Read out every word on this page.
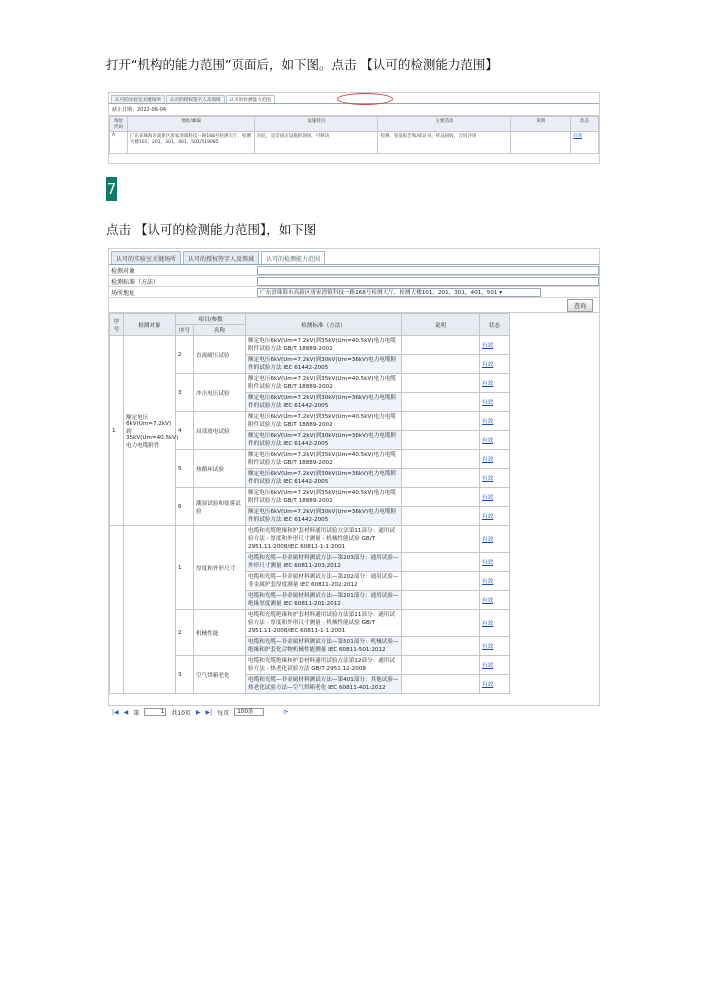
打开“机构的能力范围”页面后，如下图。点击 【认可的检测能力范围】
认可的实验室关键场所	认可的授权签字人及领域	认可的检测能力范围
截止日期：2022-06-04
场址代码	地址/邮编	设施特点	主要活动	说明	状态
A	广东省珠海市高新区唐家湾镇科技一路168号检测大厅，检测大楼101，201，301，401，501/519085	固定，是非固定设施的现场，可移动	检测，签发报告和/或证书，样品接收，合同评审		有效
7
点击 【认可的检测能力范围】，如下图
认可的实验室关键场所	认可的授权签字人及领域	认可的检测能力范围
检测对象
检测标准（方法）
场所地址	广东省珠海市高新区唐家湾镇科技一路168号检测大厅，检测大楼101，201，301，401，501 ▾
查询
序号	检测对象	项目/参数		检测标准（方法）	说明	状态
		序号	名称			
1	额定电压6kV(Um=7.2kV)到35kV(Um=40.5kV)电力电缆附件	2	直流耐压试验	额定电压6kV(Um=7.2kV)到35kV(Um=40.5kV)电力电缆附件试验方法 GB/T 18889-2002		有效
				额定电压6kV(Um=7.2kV)到30kV(Um=36kV)电力电缆附件的试验方法 IEC 61442-2005		有效
		3	冲击电压试验	额定电压6kV(Um=7.2kV)到35kV(Um=40.5kV)电力电缆附件试验方法 GB/T 18889-2002		有效
				额定电压6kV(Um=7.2kV)到30kV(Um=36kV)电力电缆附件的试验方法 IEC 61442-2005		有效
		4	局部放电试验	额定电压6kV(Um=7.2kV)到35kV(Um=40.5kV)电力电缆附件试验方法 GB/T 18889-2002		有效
				额定电压6kV(Um=7.2kV)到30kV(Um=36kV)电力电缆附件的试验方法 IEC 61442-2005		有效
		5	热循环试验	额定电压6kV(Um=7.2kV)到35kV(Um=40.5kV)电力电缆附件试验方法 GB/T 18889-2002		有效
				额定电压6kV(Um=7.2kV)到30kV(Um=36kV)电力电缆附件的试验方法 IEC 61442-2005		有效
		6	潮湿试验和盐雾试验	额定电压6kV(Um=7.2kV)到35kV(Um=40.5kV)电力电缆附件试验方法 GB/T 18889-2002		有效
				额定电压6kV(Um=7.2kV)到30kV(Um=36kV)电力电缆附件的试验方法 IEC 61442-2005		有效
		1	厚度和外形尺寸	电缆和光缆绝缘和护套材料通用试验方法第11部分：通用试验方法 - 厚度和外形尺寸测量 - 机械性能试验 GB/T 2951.11-2008/IEC 60811-1-1:2001		有效
				电缆和光缆—非金属材料测试方法—第203部分：通用试验—外形尺寸测量 IEC 60811-203:2012		有效
				电缆和光缆—非金属材料测试方法—第202部分：通用试验—非金属护套厚度测量 IEC 60811-202:2012		有效
				电缆和光缆—非金属材料测试方法—第201部分：通用试验—绝缘厚度测量 IEC 60811-201:2012		有效
		2	机械性能	电缆和光缆绝缘和护套材料通用试验方法第11部分：通用试验方法 - 厚度和外形尺寸测量 - 机械性能试验 GB/T 2951.11-2008/IEC 60811-1-1:2001		有效
				电缆和光缆—非金属材料测试方法—第501部分：机械试验—绝缘和护套化合物机械性能测量 IEC 60811-501:2012		有效
		3	空气烘箱老化	电缆和光缆绝缘和护套材料通用试验方法第12部分：通用试验方法 - 热老化试验方法 GB/T 2951.12-2008		有效
				电缆和光缆—非金属材料测试方法—第401部分：其他试验—热老化试验方法—空气烘箱老化 IEC 60811-401:2012		有效
|◀ ◀ 第	1	共10页 ▶ ▶| 每页	100条	⟳
